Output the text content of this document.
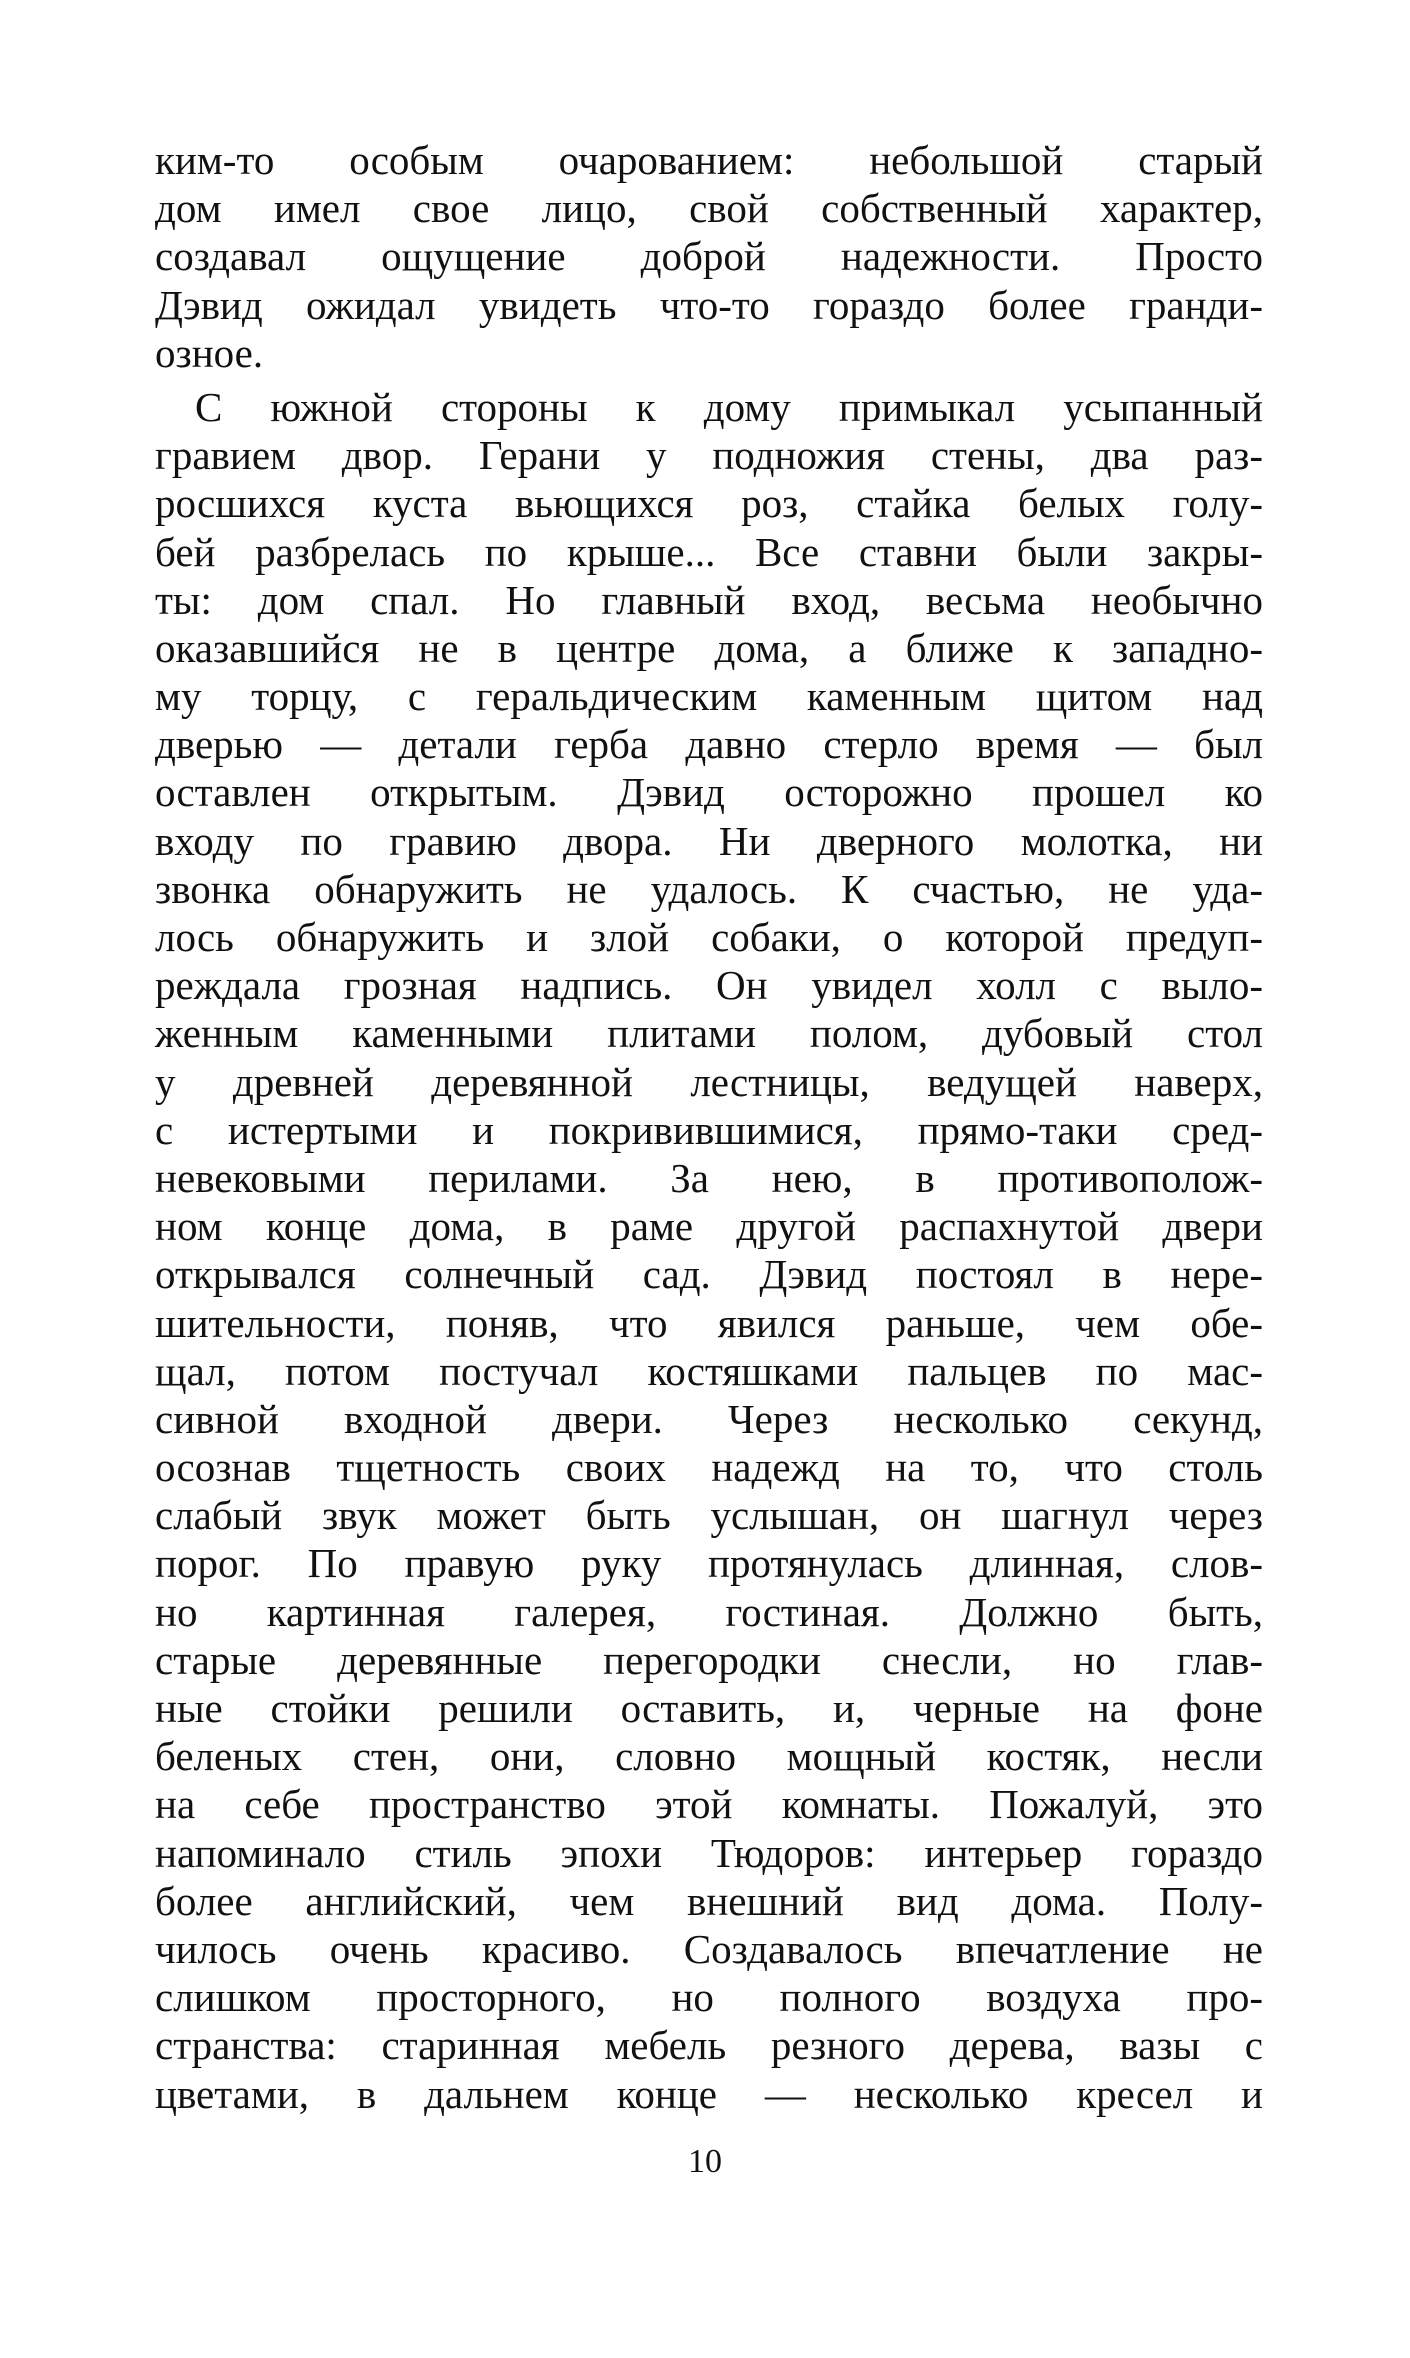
ким-то особым очарованием: небольшой старый
дом имел свое лицо, свой собственный характер,
создавал ощущение доброй надежности. Просто
Дэвид ожидал увидеть что-то гораздо более гранди-
озное.
С южной стороны к дому примыкал усыпанный
гравием двор. Герани у подножия стены, два раз-
росшихся куста вьющихся роз, стайка белых голу-
бей разбрелась по крыше... Все ставни были закры-
ты: дом спал. Но главный вход, весьма необычно
оказавшийся не в центре дома, а ближе к западно-
му торцу, с геральдическим каменным щитом над
дверью — детали герба давно стерло время — был
оставлен открытым. Дэвид осторожно прошел ко
входу по гравию двора. Ни дверного молотка, ни
звонка обнаружить не удалось. К счастью, не уда-
лось обнаружить и злой собаки, о которой предуп-
реждала грозная надпись. Он увидел холл с выло-
женным каменными плитами полом, дубовый стол
у древней деревянной лестницы, ведущей наверх,
с истертыми и покривившимися, прямо-таки сред-
невековыми перилами. За нею, в противополож-
ном конце дома, в раме другой распахнутой двери
открывался солнечный сад. Дэвид постоял в нере-
шительности, поняв, что явился раньше, чем обе-
щал, потом постучал костяшками пальцев по мас-
сивной входной двери. Через несколько секунд,
осознав тщетность своих надежд на то, что столь
слабый звук может быть услышан, он шагнул через
порог. По правую руку протянулась длинная, слов-
но картинная галерея, гостиная. Должно быть,
старые деревянные перегородки снесли, но глав-
ные стойки решили оставить, и, черные на фоне
беленых стен, они, словно мощный костяк, несли
на себе пространство этой комнаты. Пожалуй, это
напоминало стиль эпохи Тюдоров: интерьер гораздо
более английский, чем внешний вид дома. Полу-
чилось очень красиво. Создавалось впечатление не
слишком просторного, но полного воздуха про-
странства: старинная мебель резного дерева, вазы с
цветами, в дальнем конце — несколько кресел и
10
